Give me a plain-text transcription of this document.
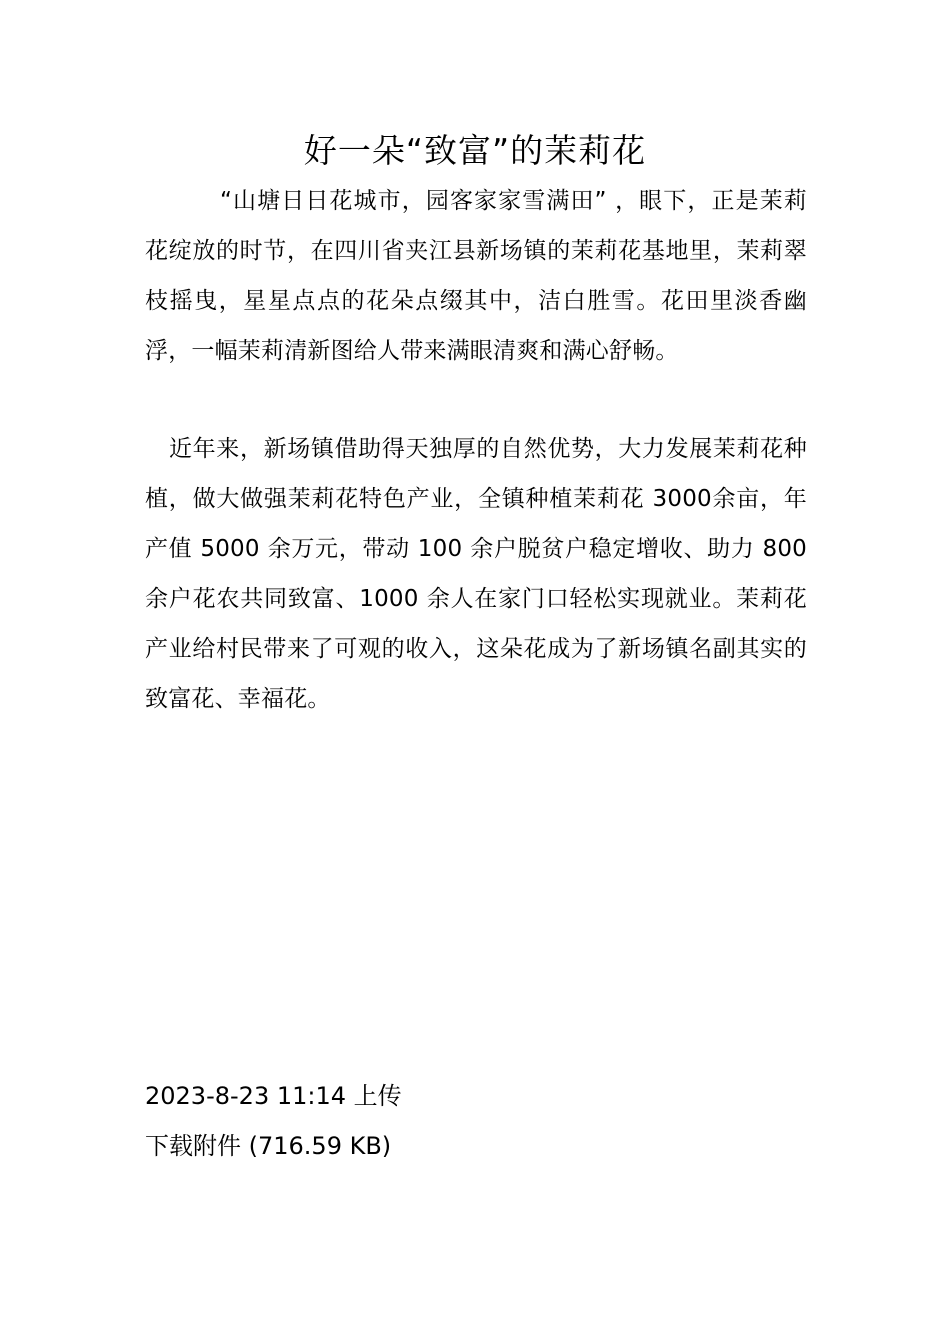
好一朵“致富”的茉莉花

“山塘日日花城市，园客家家雪满田” ，眼下，正是茉莉花绽放的时节，在四川省夹江县新场镇的茉莉花基地里，茉莉翠枝摇曳，星星点点的花朵点缀其中，洁白胜雪。花田里淡香幽浮，一幅茉莉清新图给人带来满眼清爽和满心舒畅。

近年来，新场镇借助得天独厚的自然优势，大力发展茉莉花种植，做大做强茉莉花特色产业，全镇种植茉莉花 3000余亩，年产值 5000 余万元，带动 100 余户脱贫户稳定增收、助力 800 余户花农共同致富、1000 余人在家门口轻松实现就业。茉莉花产业给村民带来了可观的收入，这朵花成为了新场镇名副其实的致富花、幸福花。

2023-8-23 11:14 上传
下载附件 (716.59 KB)
